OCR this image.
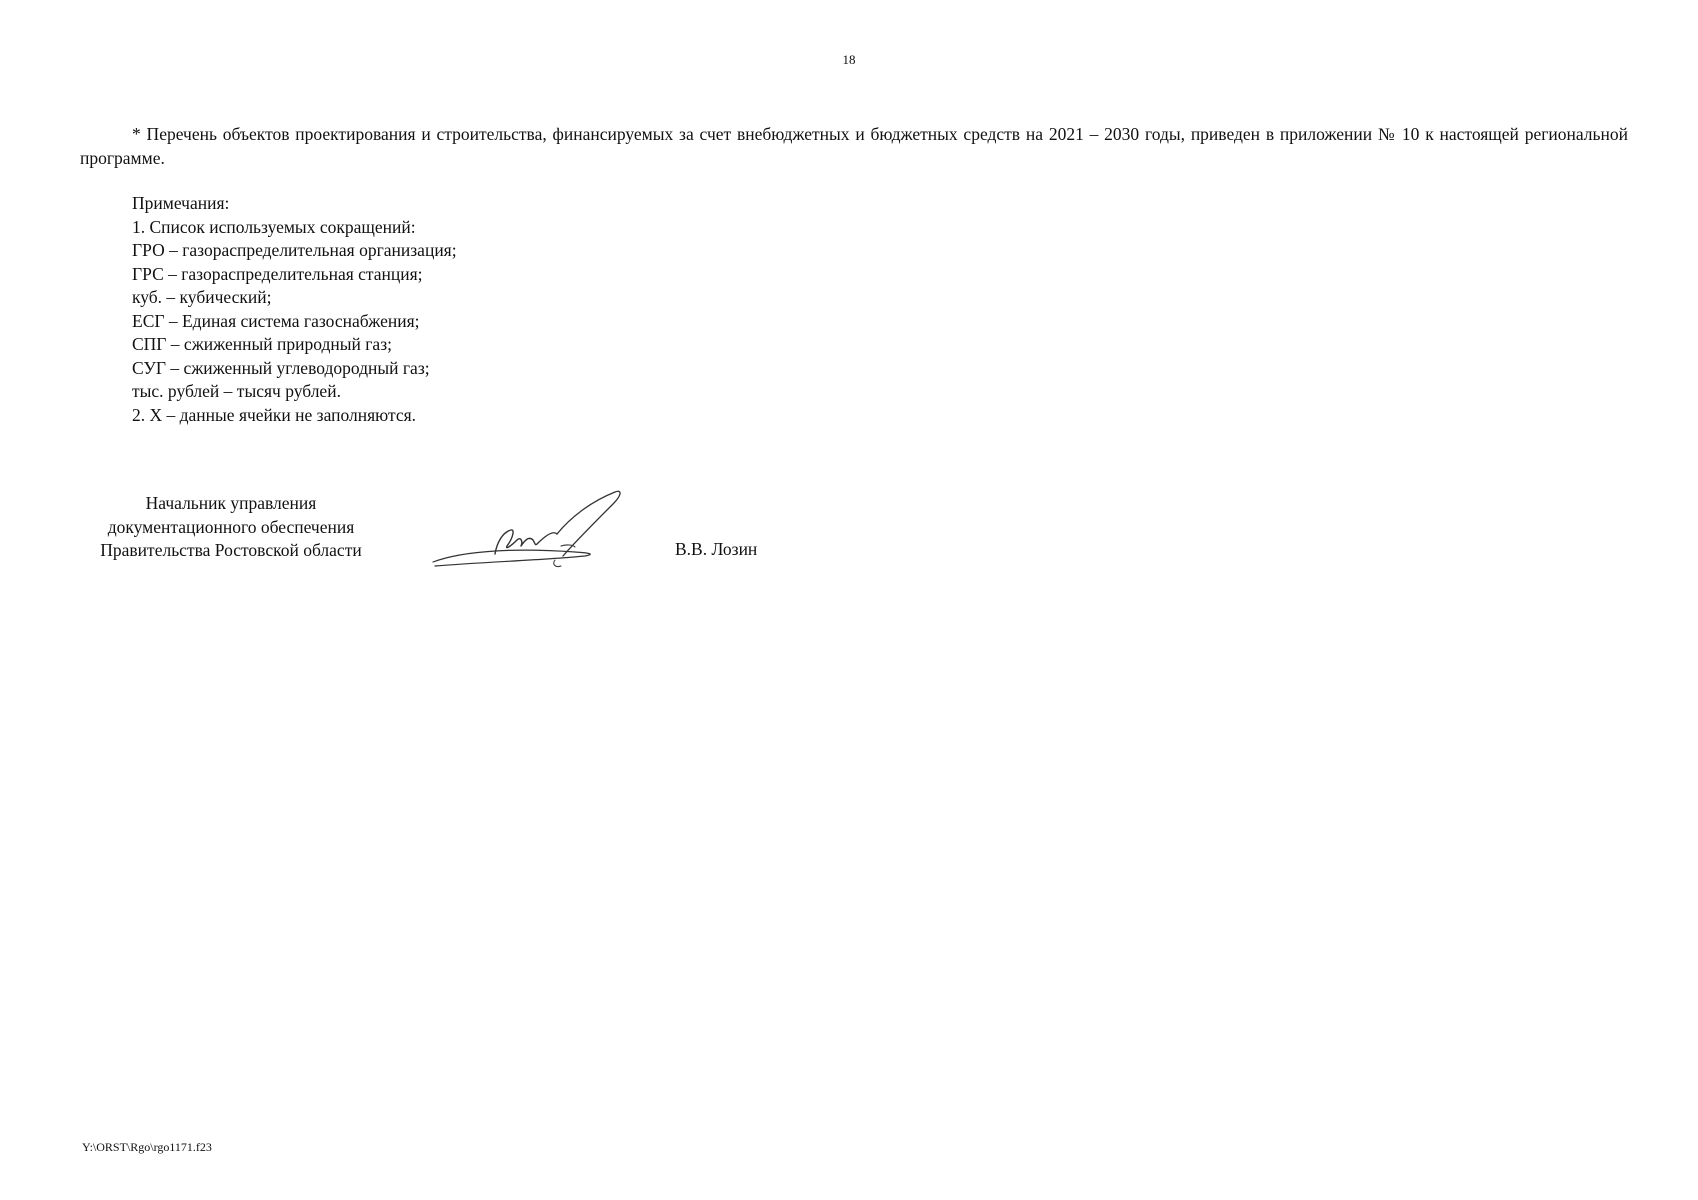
18
* Перечень объектов проектирования и строительства, финансируемых за счет внебюджетных и бюджетных средств на 2021 – 2030 годы, приведен в приложении № 10 к настоящей региональной программе.
Примечания:
1. Список используемых сокращений:
ГРО – газораспределительная организация;
ГРС – газораспределительная станция;
куб. – кубический;
ЕСГ – Единая система газоснабжения;
СПГ – сжиженный природный газ;
СУГ – сжиженный углеводородный газ;
тыс. рублей – тысяч рублей.
2. Х – данные ячейки не заполняются.
Начальник управления
документационного обеспечения
Правительства Ростовской области	В.В. Лозин
Y:\ORST\Rgo\rgo1171.f23
